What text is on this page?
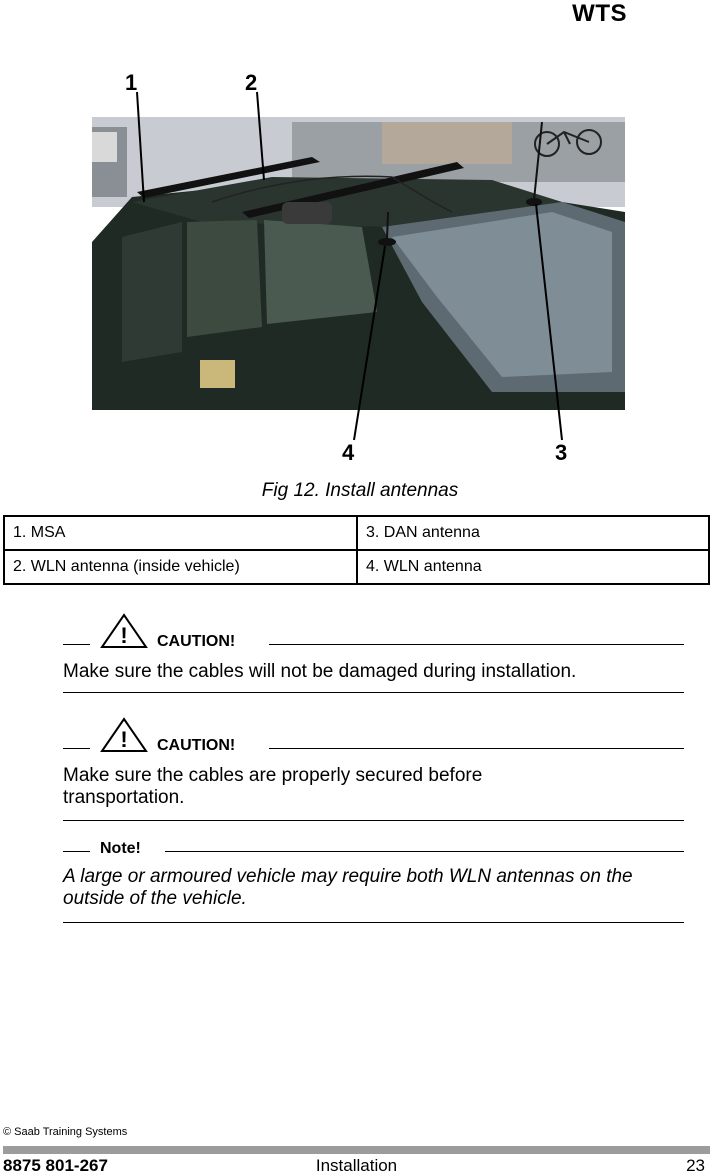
WTS
1	2
4	3
Fig 12. Install antennas
1. MSA	3. DAN antenna
2. WLN antenna (inside vehicle)	4. WLN antenna
! CAUTION!
Make sure the cables will not be damaged during installation.
! CAUTION!
Make sure the cables are properly secured before transportation.
Note!
A large or armoured vehicle may require both WLN antennas on the outside of the vehicle.
© Saab Training Systems
8875 801-267	Installation	23
